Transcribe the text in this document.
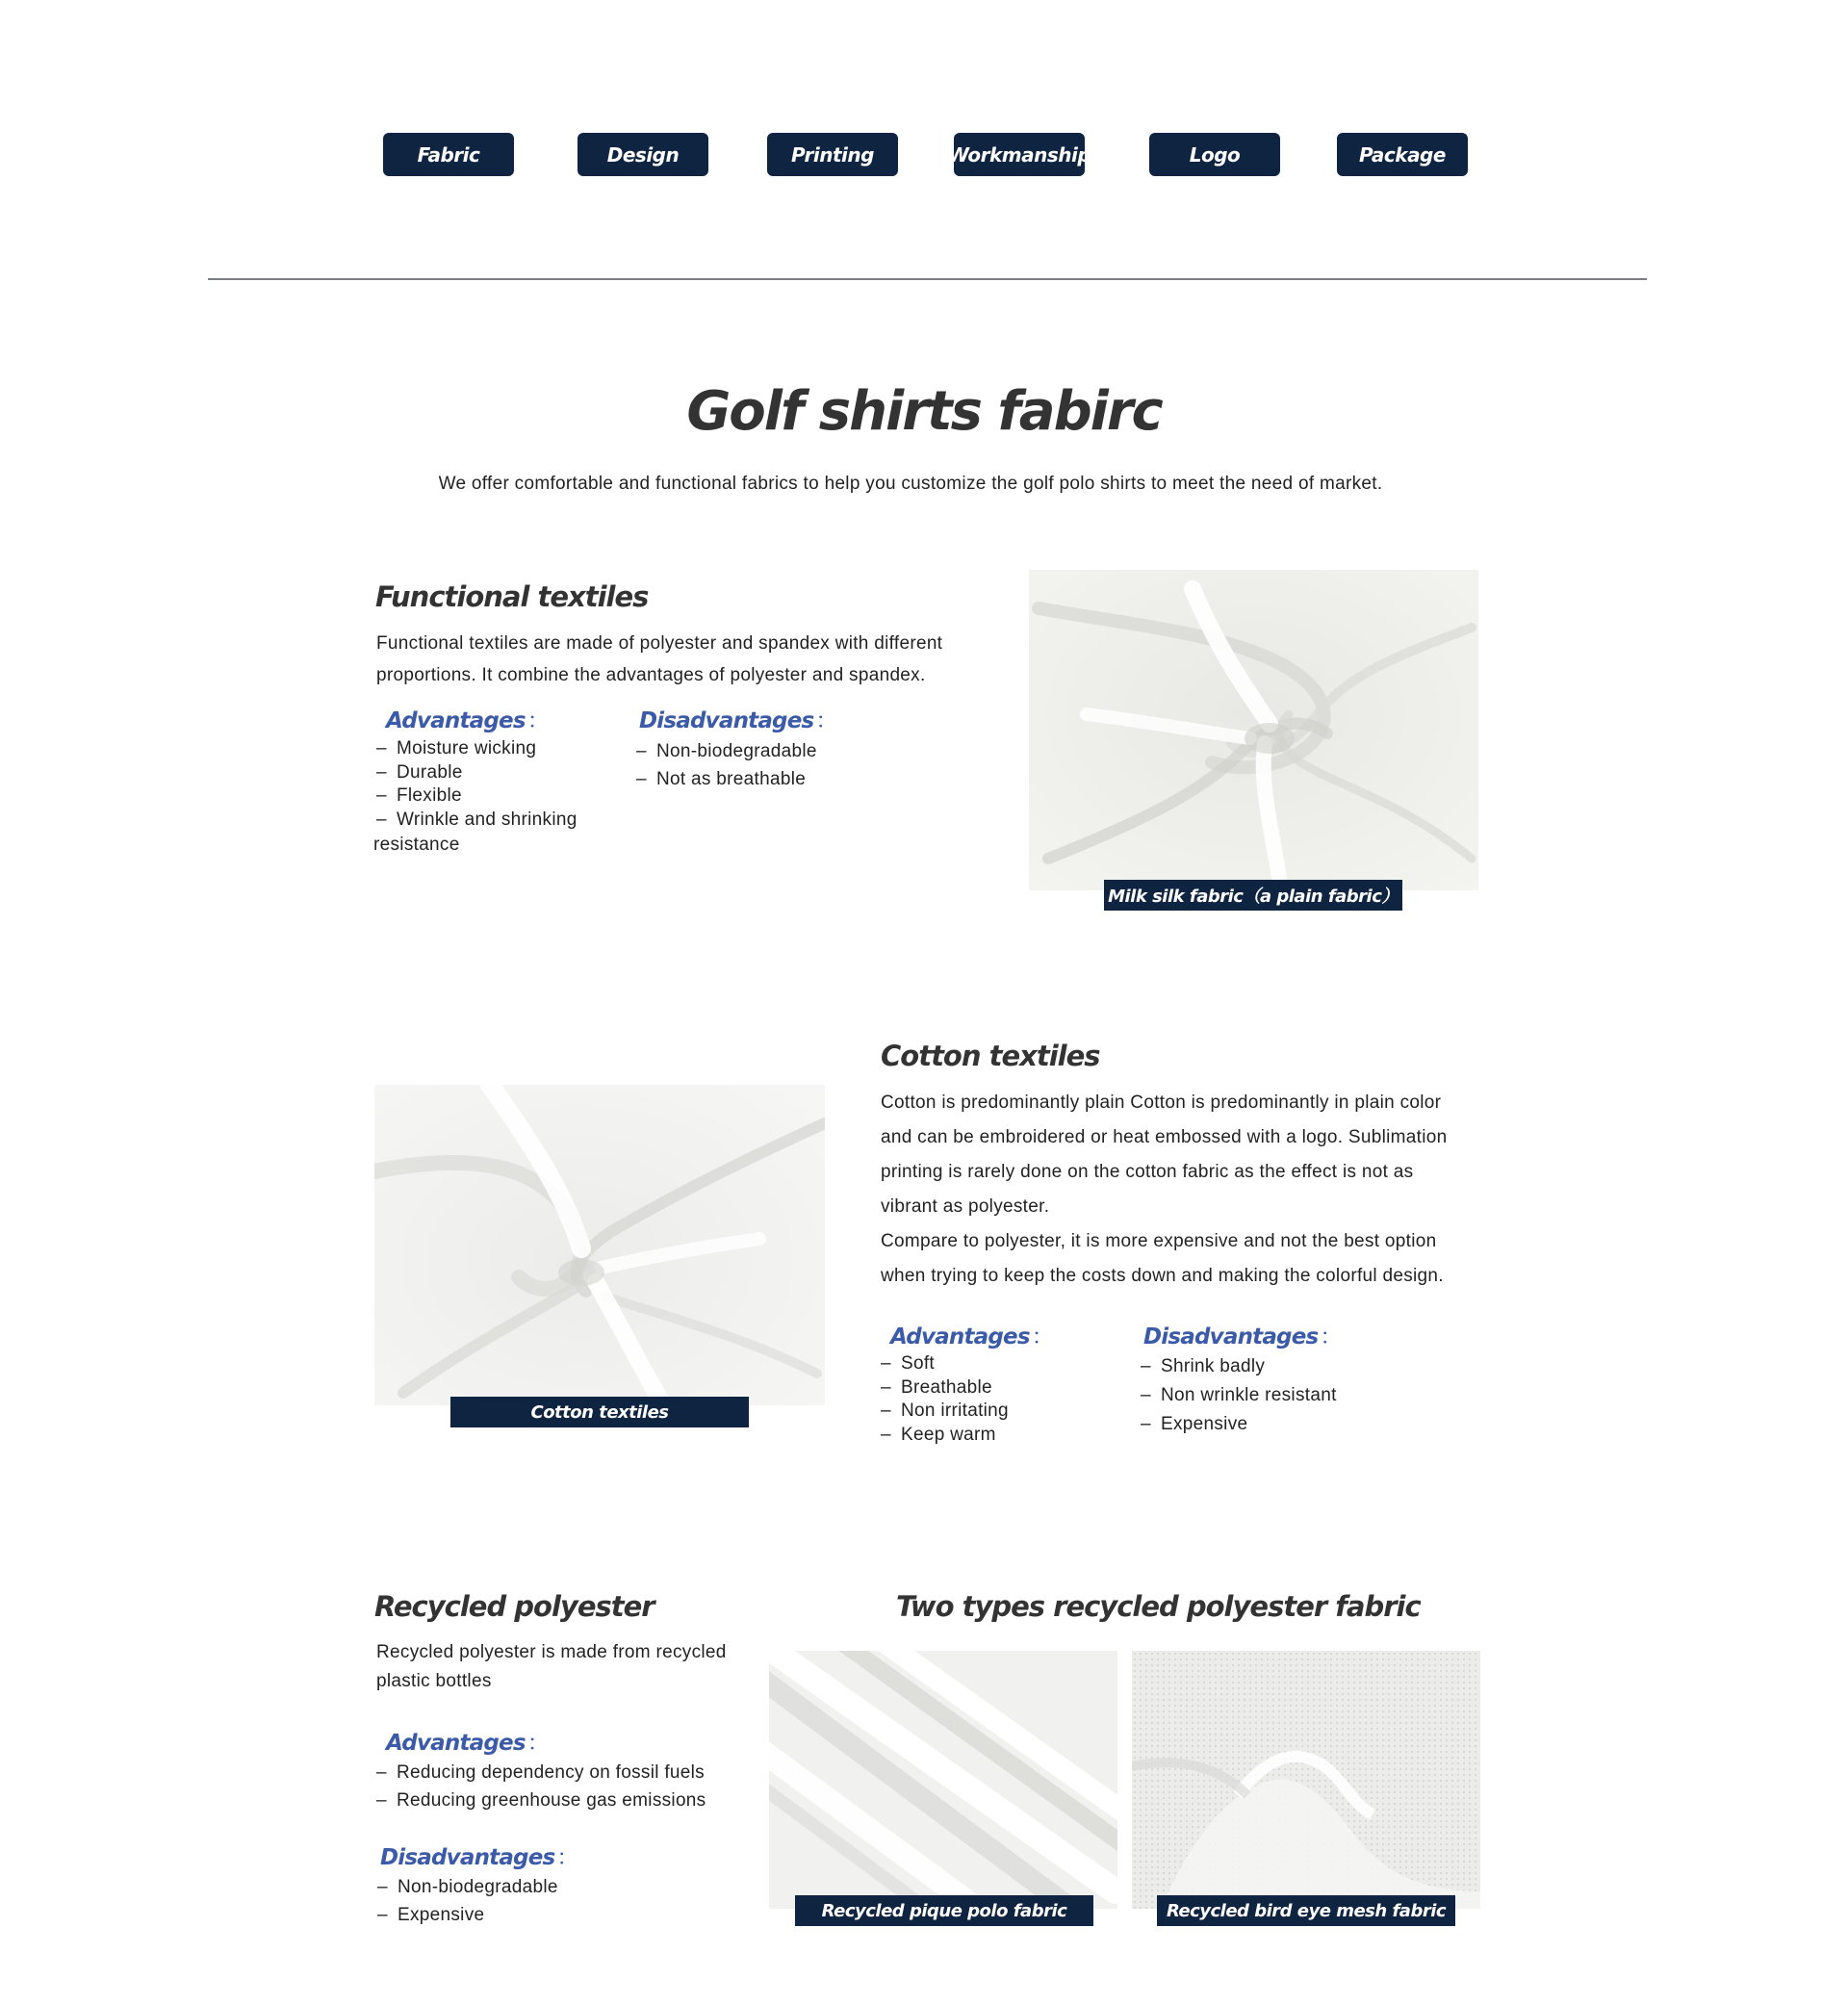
Fabric	Design	Printing	Workmanship	Logo	Package
Golf shirts fabirc
We offer comfortable and functional fabrics to help you customize the golf polo shirts to meet the need of market.
Functional textiles
Functional textiles are made of polyester and spandex with different
proportions. It combine the advantages of polyester and spandex.
Advantages：
– Moisture wicking
– Durable
– Flexible
– Wrinkle and shrinking
resistance
Disadvantages：
– Non-biodegradable
– Not as breathable
Milk silk fabric（a plain fabric）
Cotton textiles
Cotton textiles
Cotton is predominantly plain Cotton is predominantly in plain color
and can be embroidered or heat embossed with a logo. Sublimation
printing is rarely done on the cotton fabric as the effect is not as
vibrant as polyester.
Compare to polyester, it is more expensive and not the best option
when trying to keep the costs down and making the colorful design.
Advantages：
– Soft
– Breathable
– Non irritating
– Keep warm
Disadvantages：
– Shrink badly
– Non wrinkle resistant
– Expensive
Recycled polyester
Recycled polyester is made from recycled
plastic bottles
Advantages：
– Reducing dependency on fossil fuels
– Reducing greenhouse gas emissions
Disadvantages：
– Non-biodegradable
– Expensive
Two types recycled polyester fabric
Recycled pique polo fabric	Recycled bird eye mesh fabric
